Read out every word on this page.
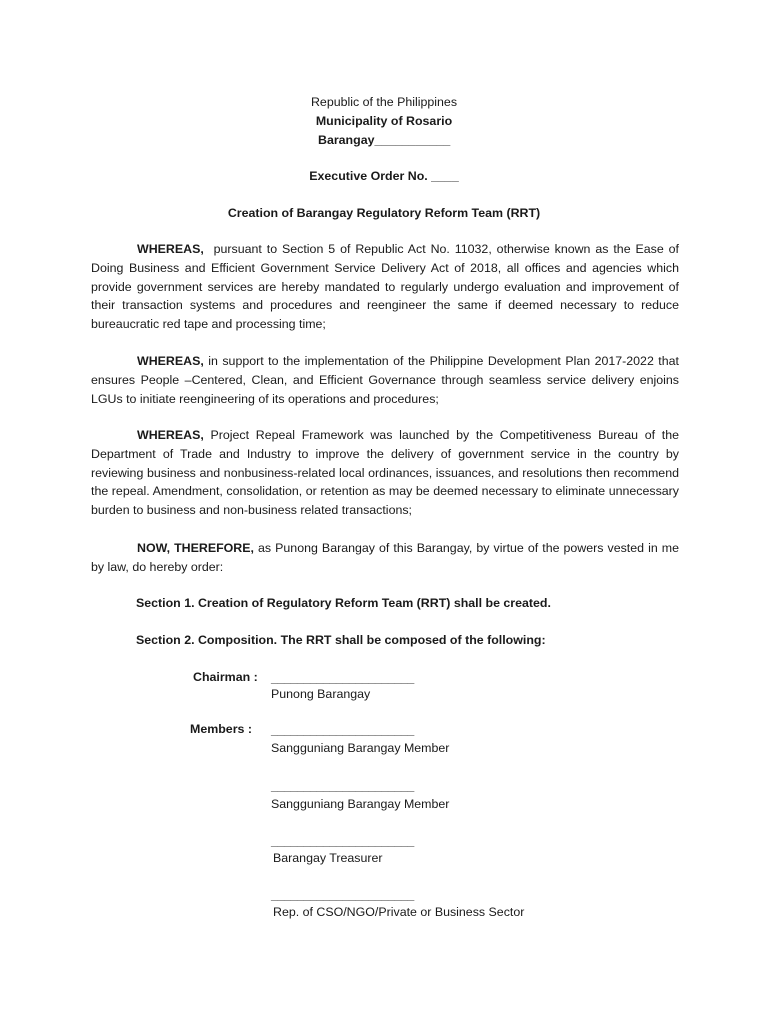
Republic of the Philippines
Municipality of Rosario
Barangay___________
Executive Order No. ____
Creation of Barangay Regulatory Reform Team (RRT)
WHEREAS, pursuant to Section 5 of Republic Act No. 11032, otherwise known as the Ease of Doing Business and Efficient Government Service Delivery Act of 2018, all offices and agencies which provide government services are hereby mandated to regularly undergo evaluation and improvement of their transaction systems and procedures and reengineer the same if deemed necessary to reduce bureaucratic red tape and processing time;
WHEREAS, in support to the implementation of the Philippine Development Plan 2017-2022 that ensures People –Centered, Clean, and Efficient Governance through seamless service delivery enjoins LGUs to initiate reengineering of its operations and procedures;
WHEREAS, Project Repeal Framework was launched by the Competitiveness Bureau of the Department of Trade and Industry to improve the delivery of government service in the country by reviewing business and nonbusiness-related local ordinances, issuances, and resolutions then recommend the repeal. Amendment, consolidation, or retention as may be deemed necessary to eliminate unnecessary burden to business and non-business related transactions;
NOW, THEREFORE, as Punong Barangay of this Barangay, by virtue of the powers vested in me by law, do hereby order:
Section 1. Creation of Regulatory Reform Team (RRT) shall be created.
Section 2. Composition. The RRT shall be composed of the following:
Chairman : ______________________
Punong Barangay
Members : ______________________
Sangguniang Barangay Member
______________________
Sangguniang Barangay Member
______________________
Barangay Treasurer
______________________
Rep. of CSO/NGO/Private or Business Sector
